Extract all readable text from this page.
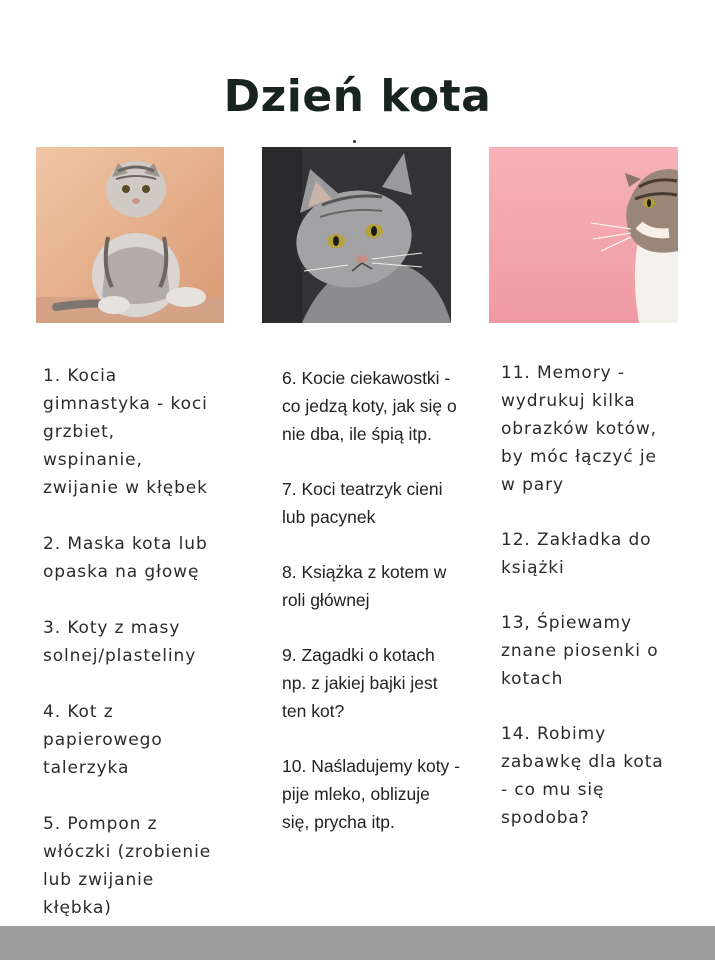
Dzień kota

1. Kocia
gimnastyka - koci
grzbiet,
wspinanie,
zwijanie w kłębek

2. Maska kota lub
opaska na głowę

3. Koty z masy
solnej/plasteliny

4. Kot z
papierowego
talerzyka

5. Pompon z
włóczki (zrobienie
lub zwijanie
kłębka)

6. Kocie ciekawostki -
co jedzą koty, jak się o
nie dba, ile śpią itp.

7. Koci teatrzyk cieni
lub pacynek

8. Książka z kotem w
roli głównej

9. Zagadki o kotach
np. z jakiej bajki jest
ten kot?

10. Naśladujemy koty -
pije mleko, oblizuje
się, prycha itp.

11. Memory -
wydrukuj kilka
obrazków kotów,
by móc łączyć je
w pary

12. Zakładka do
książki

13, Śpiewamy
znane piosenki o
kotach

14. Robimy
zabawkę dla kota
- co mu się
spodoba?
